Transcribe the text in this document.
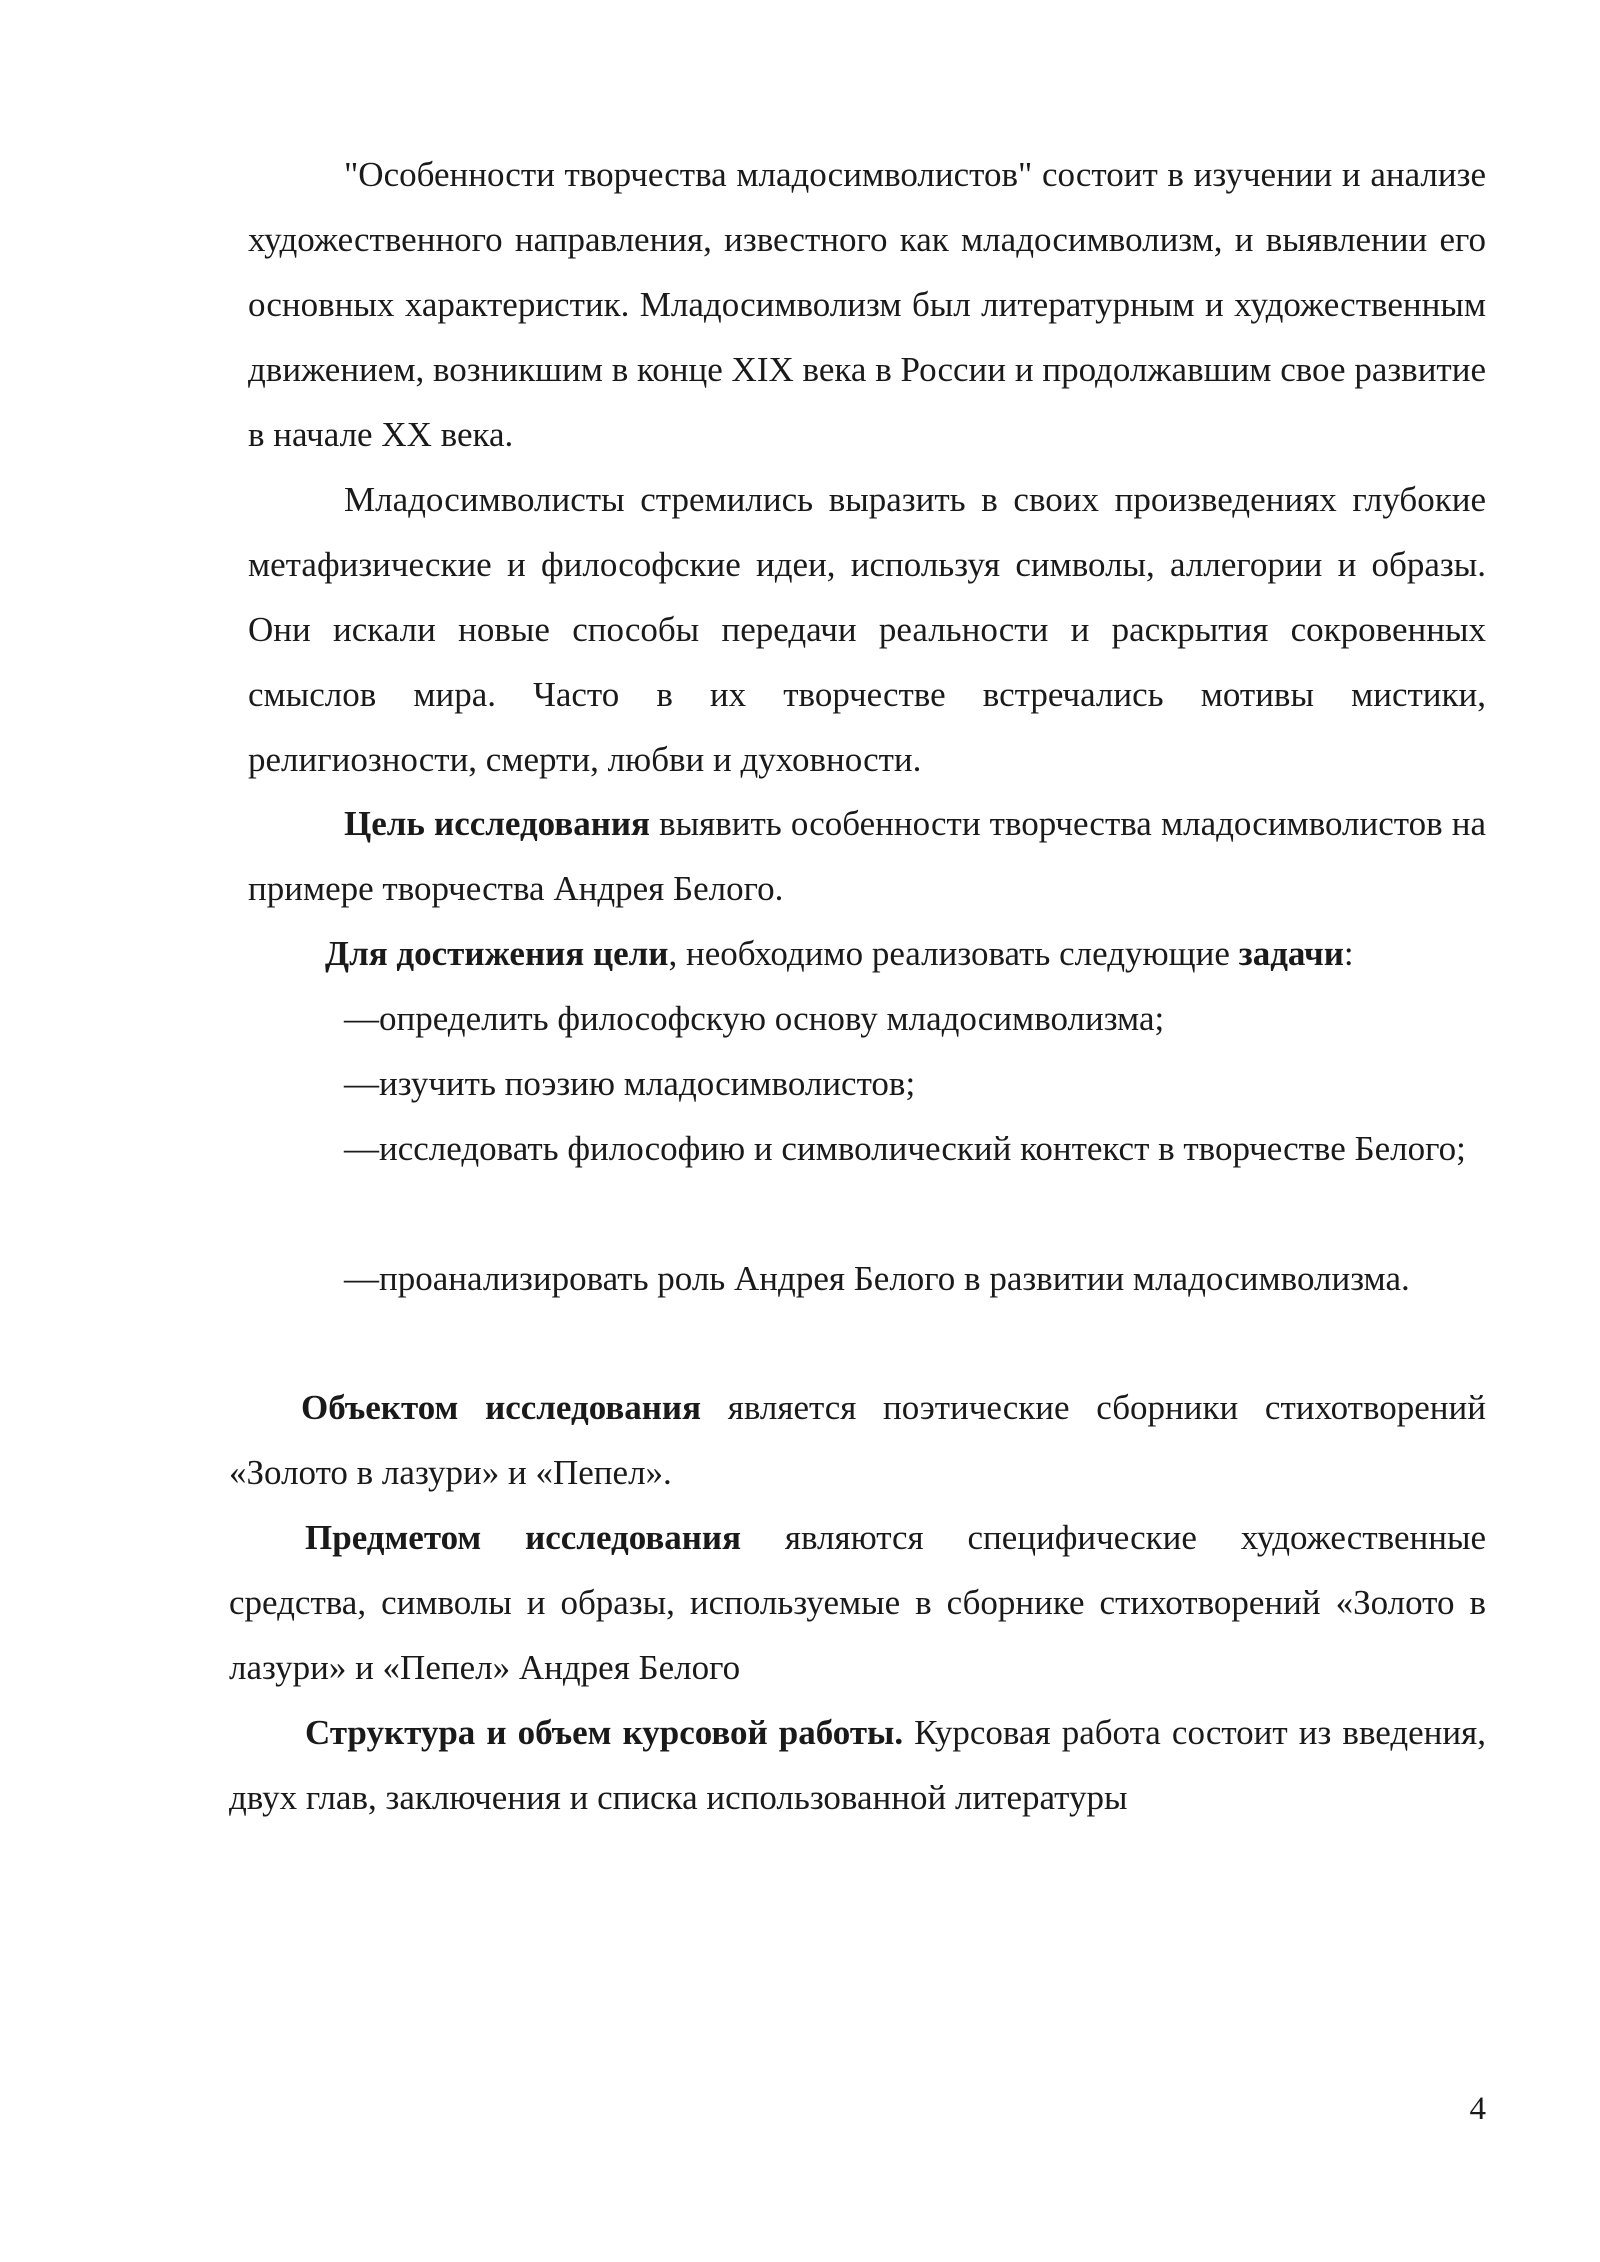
"Особенности творчества младосимволистов" состоит в изучении и анализе художественного направления, известного как младосимволизм, и выявлении его основных характеристик. Младосимволизм был литературным и художественным движением, возникшим в конце XIX века в России и продолжавшим свое развитие в начале XX века.

Младосимволисты стремились выразить в своих произведениях глубокие метафизические и философские идеи, используя символы, аллегории и образы. Они искали новые способы передачи реальности и раскрытия сокровенных смыслов мира. Часто в их творчестве встречались мотивы мистики, религиозности, смерти, любви и духовности.

Цель исследования выявить особенности творчества младосимволистов на примере творчества Андрея Белого.

Для достижения цели, необходимо реализовать следующие задачи:

—определить философскую основу младосимволизма;

—изучить поэзию младосимволистов;

—исследовать философию и символический контекст в творчестве Белого;

—проанализировать роль Андрея Белого в развитии младосимволизма.

Объектом исследования является поэтические сборники стихотворений «Золото в лазури» и «Пепел».

Предметом исследования являются специфические художественные средства, символы и образы, используемые в сборнике стихотворений «Золото в лазури» и «Пепел» Андрея Белого

Структура и объем курсовой работы. Курсовая работа состоит из введения, двух глав, заключения и списка использованной литературы

4
